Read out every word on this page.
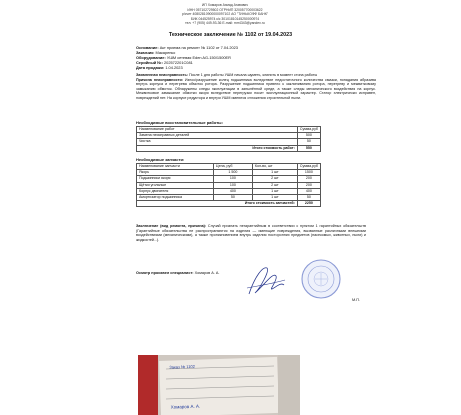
ИП Хомаров Ахмад Агавович
ИНН 057102729502 ОГРНИП 320057700003622
р/счет 40802810900000097102 АО "ТИНЬКОФФ БАНК"
БИК 044525974 к/с 30101810145250000974
тел. +7 (905) 449-93-36 E-mail: mrr4343@yandex.ru
Техническое заключение № 1102 от 19.04.2023
Основание: Акт приема на ремонт № 1102 от 7.04.2023
Заказчик: Макаренко
Оборудование: УШМ сетевая Eden AG-150/1500ER
Серийный №: 202572201C081
Дата продажи: 1.04.2023
Заявленная неисправность: После 1 дня работы УШМ начала шуметь, клинить в момент стопа работы
Причина неисправности: Износ/разрушение колец подшипника вследствие недостаточного количества смазки, попадания абразива внутрь корпуса и перегрева обмоток ротора. Разрушение подшипника привело к заклиниванию ротора, перегреву и межвитковому замыканию обмоток. Обнаружены следы эксплуатации в запылённой среде, а также следы механического воздействия на корпус. Межвитковое замыкание обмотки якоря вследствие перегрузки носит эксплуатационный характер. Статор электрически исправен, повреждений нет. На корпусе редуктора и внутри УШМ имеются отложения строительной пыли.
Необходимые восстановительные работы:
Наименование работ	Сумма,руб
Замена неисправных деталей	500
Чистка	50
Итого стоимость работ:	550
Необходимые запчасти:
Наименование запчасти	Цена, руб	Кол-во, шт	Сумма,руб
Якорь	1 500	1 шт	1500
Подшипники якоря	100	2 шт	200
Щётки угольные	100	2 шт	200
Корпус двигателя	400	1 шт	400
Амортизатор подшипника	50	1 шт	50
Итого стоимость запчастей:			2250
Заключение (вид ремонта, причина): Случай признать негарантийным в соответствии с пунктом 1 гарантийных обязательств (Гарантийные обязательства не распространяются на изделия — имеющие повреждения, вызванные различными внешними воздействиями (механическими), а также проникновением внутрь изделия посторонних предметов (насекомых, животных, пыли) и жидкостей...).
Осмотр произвел специалист: Хомаров А. А.
М.П.
Заказ № 1102
Хомаров А. А.
